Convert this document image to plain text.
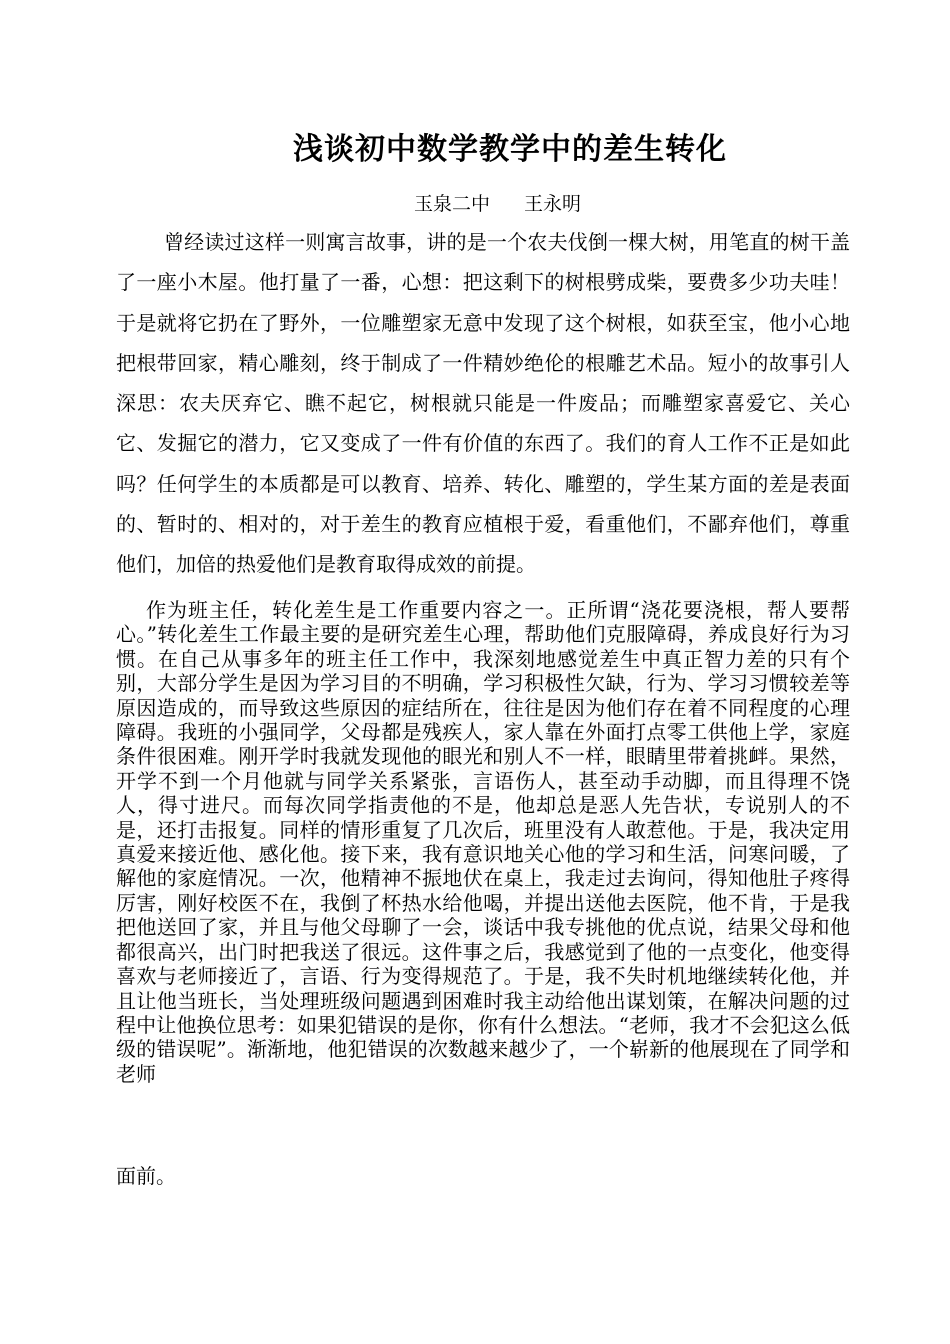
浅谈初中数学教学中的差生转化
玉泉二中 王永明

曾经读过这样一则寓言故事，讲的是一个农夫伐倒一棵大树，用笔直的树干盖了一座小木屋。他打量了一番，心想：把这剩下的树根劈成柴，要费多少功夫哇！于是就将它扔在了野外，一位雕塑家无意中发现了这个树根，如获至宝，他小心地把根带回家，精心雕刻，终于制成了一件精妙绝伦的根雕艺术品。短小的故事引人深思：农夫厌弃它、瞧不起它，树根就只能是一件废品；而雕塑家喜爱它、关心它、发掘它的潜力，它又变成了一件有价值的东西了。我们的育人工作不正是如此吗？任何学生的本质都是可以教育、培养、转化、雕塑的，学生某方面的差是表面的、暂时的、相对的，对于差生的教育应植根于爱，看重他们，不鄙弃他们，尊重他们，加倍的热爱他们是教育取得成效的前提。

作为班主任，转化差生是工作重要内容之一。正所谓“浇花要浇根，帮人要帮心。”转化差生工作最主要的是研究差生心理，帮助他们克服障碍，养成良好行为习惯。在自己从事多年的班主任工作中，我深刻地感觉差生中真正智力差的只有个别，大部分学生是因为学习目的不明确，学习积极性欠缺，行为、学习习惯较差等原因造成的，而导致这些原因的症结所在，往往是因为他们存在着不同程度的心理障碍。我班的小强同学，父母都是残疾人，家人靠在外面打点零工供他上学，家庭条件很困难。刚开学时我就发现他的眼光和别人不一样，眼睛里带着挑衅。果然，开学不到一个月他就与同学关系紧张，言语伤人，甚至动手动脚，而且得理不饶人，得寸进尺。而每次同学指责他的不是，他却总是恶人先告状，专说别人的不是，还打击报复。同样的情形重复了几次后，班里没有人敢惹他。于是，我决定用真爱来接近他、感化他。接下来，我有意识地关心他的学习和生活，问寒问暖，了解他的家庭情况。一次，他精神不振地伏在桌上，我走过去询问，得知他肚子疼得厉害，刚好校医不在，我倒了杯热水给他喝，并提出送他去医院，他不肯，于是我把他送回了家，并且与他父母聊了一会，谈话中我专挑他的优点说，结果父母和他都很高兴，出门时把我送了很远。这件事之后，我感觉到了他的一点变化，他变得喜欢与老师接近了，言语、行为变得规范了。于是，我不失时机地继续转化他，并且让他当班长，当处理班级问题遇到困难时我主动给他出谋划策，在解决问题的过程中让他换位思考：如果犯错误的是你，你有什么想法。“老师，我才不会犯这么低级的错误呢”。渐渐地，他犯错误的次数越来越少了，一个崭新的他展现在了同学和老师

面前。
